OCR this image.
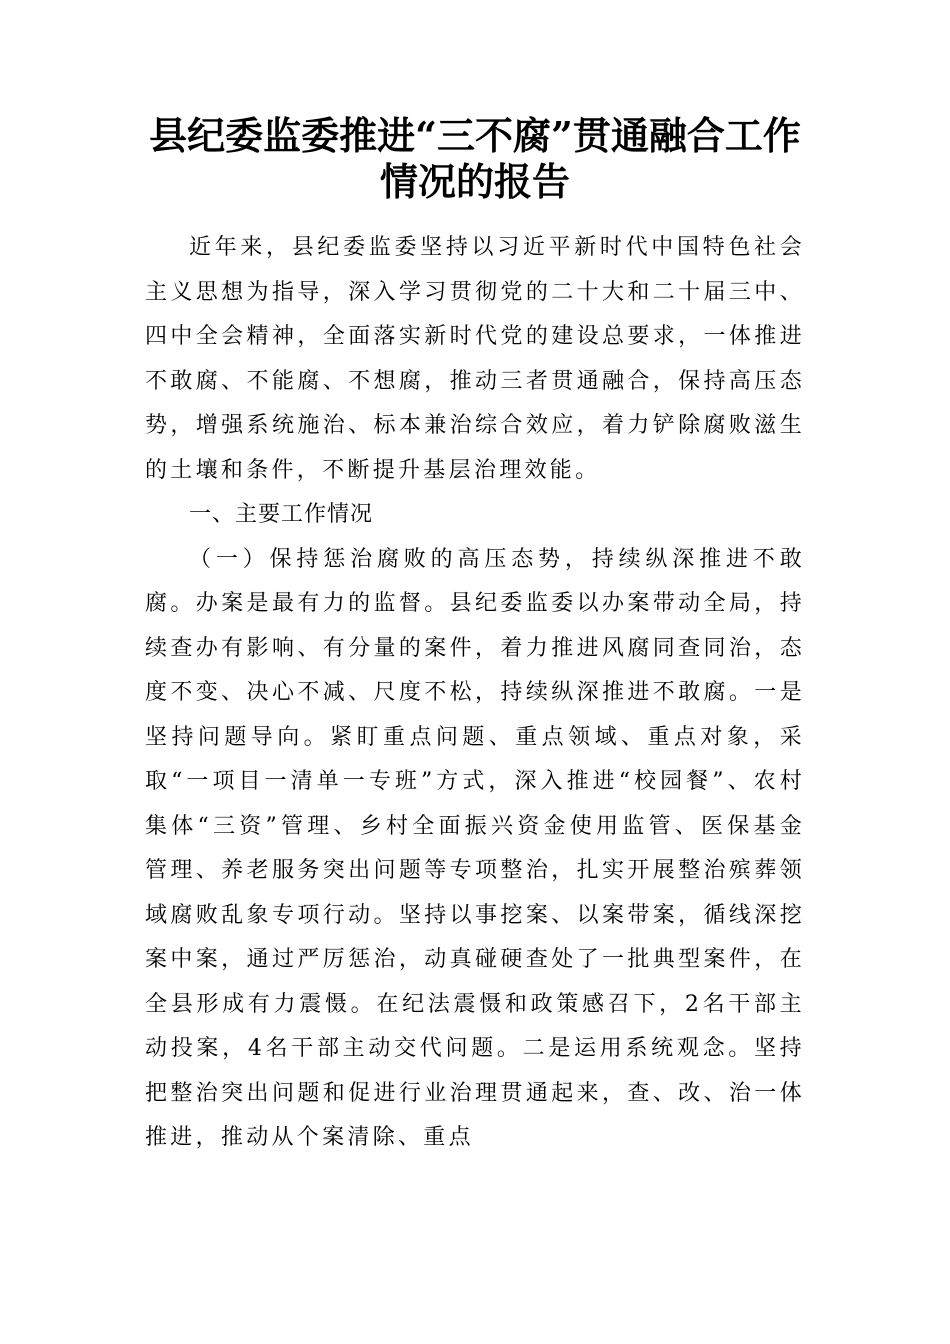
县纪委监委推进“三不腐”贯通融合工作
情况的报告

近年来，县纪委监委坚持以习近平新时代中国特色社会主义思想为指导，深入学习贯彻党的二十大和二十届三中、四中全会精神，全面落实新时代党的建设总要求，一体推进不敢腐、不能腐、不想腐，推动三者贯通融合，保持高压态势，增强系统施治、标本兼治综合效应，着力铲除腐败滋生的土壤和条件，不断提升基层治理效能。

一、主要工作情况

（一）保持惩治腐败的高压态势，持续纵深推进不敢腐。办案是最有力的监督。县纪委监委以办案带动全局，持续查办有影响、有分量的案件，着力推进风腐同查同治，态度不变、决心不减、尺度不松，持续纵深推进不敢腐。一是坚持问题导向。紧盯重点问题、重点领域、重点对象，采取“一项目一清单一专班”方式，深入推进“校园餐”、农村集体“三资”管理、乡村全面振兴资金使用监管、医保基金管理、养老服务突出问题等专项整治，扎实开展整治殡葬领域腐败乱象专项行动。坚持以事挖案、以案带案，循线深挖案中案，通过严厉惩治，动真碰硬查处了一批典型案件，在全县形成有力震慑。在纪法震慑和政策感召下，2名干部主动投案，4名干部主动交代问题。二是运用系统观念。坚持把整治突出问题和促进行业治理贯通起来，查、改、治一体推进，推动从个案清除、重点
